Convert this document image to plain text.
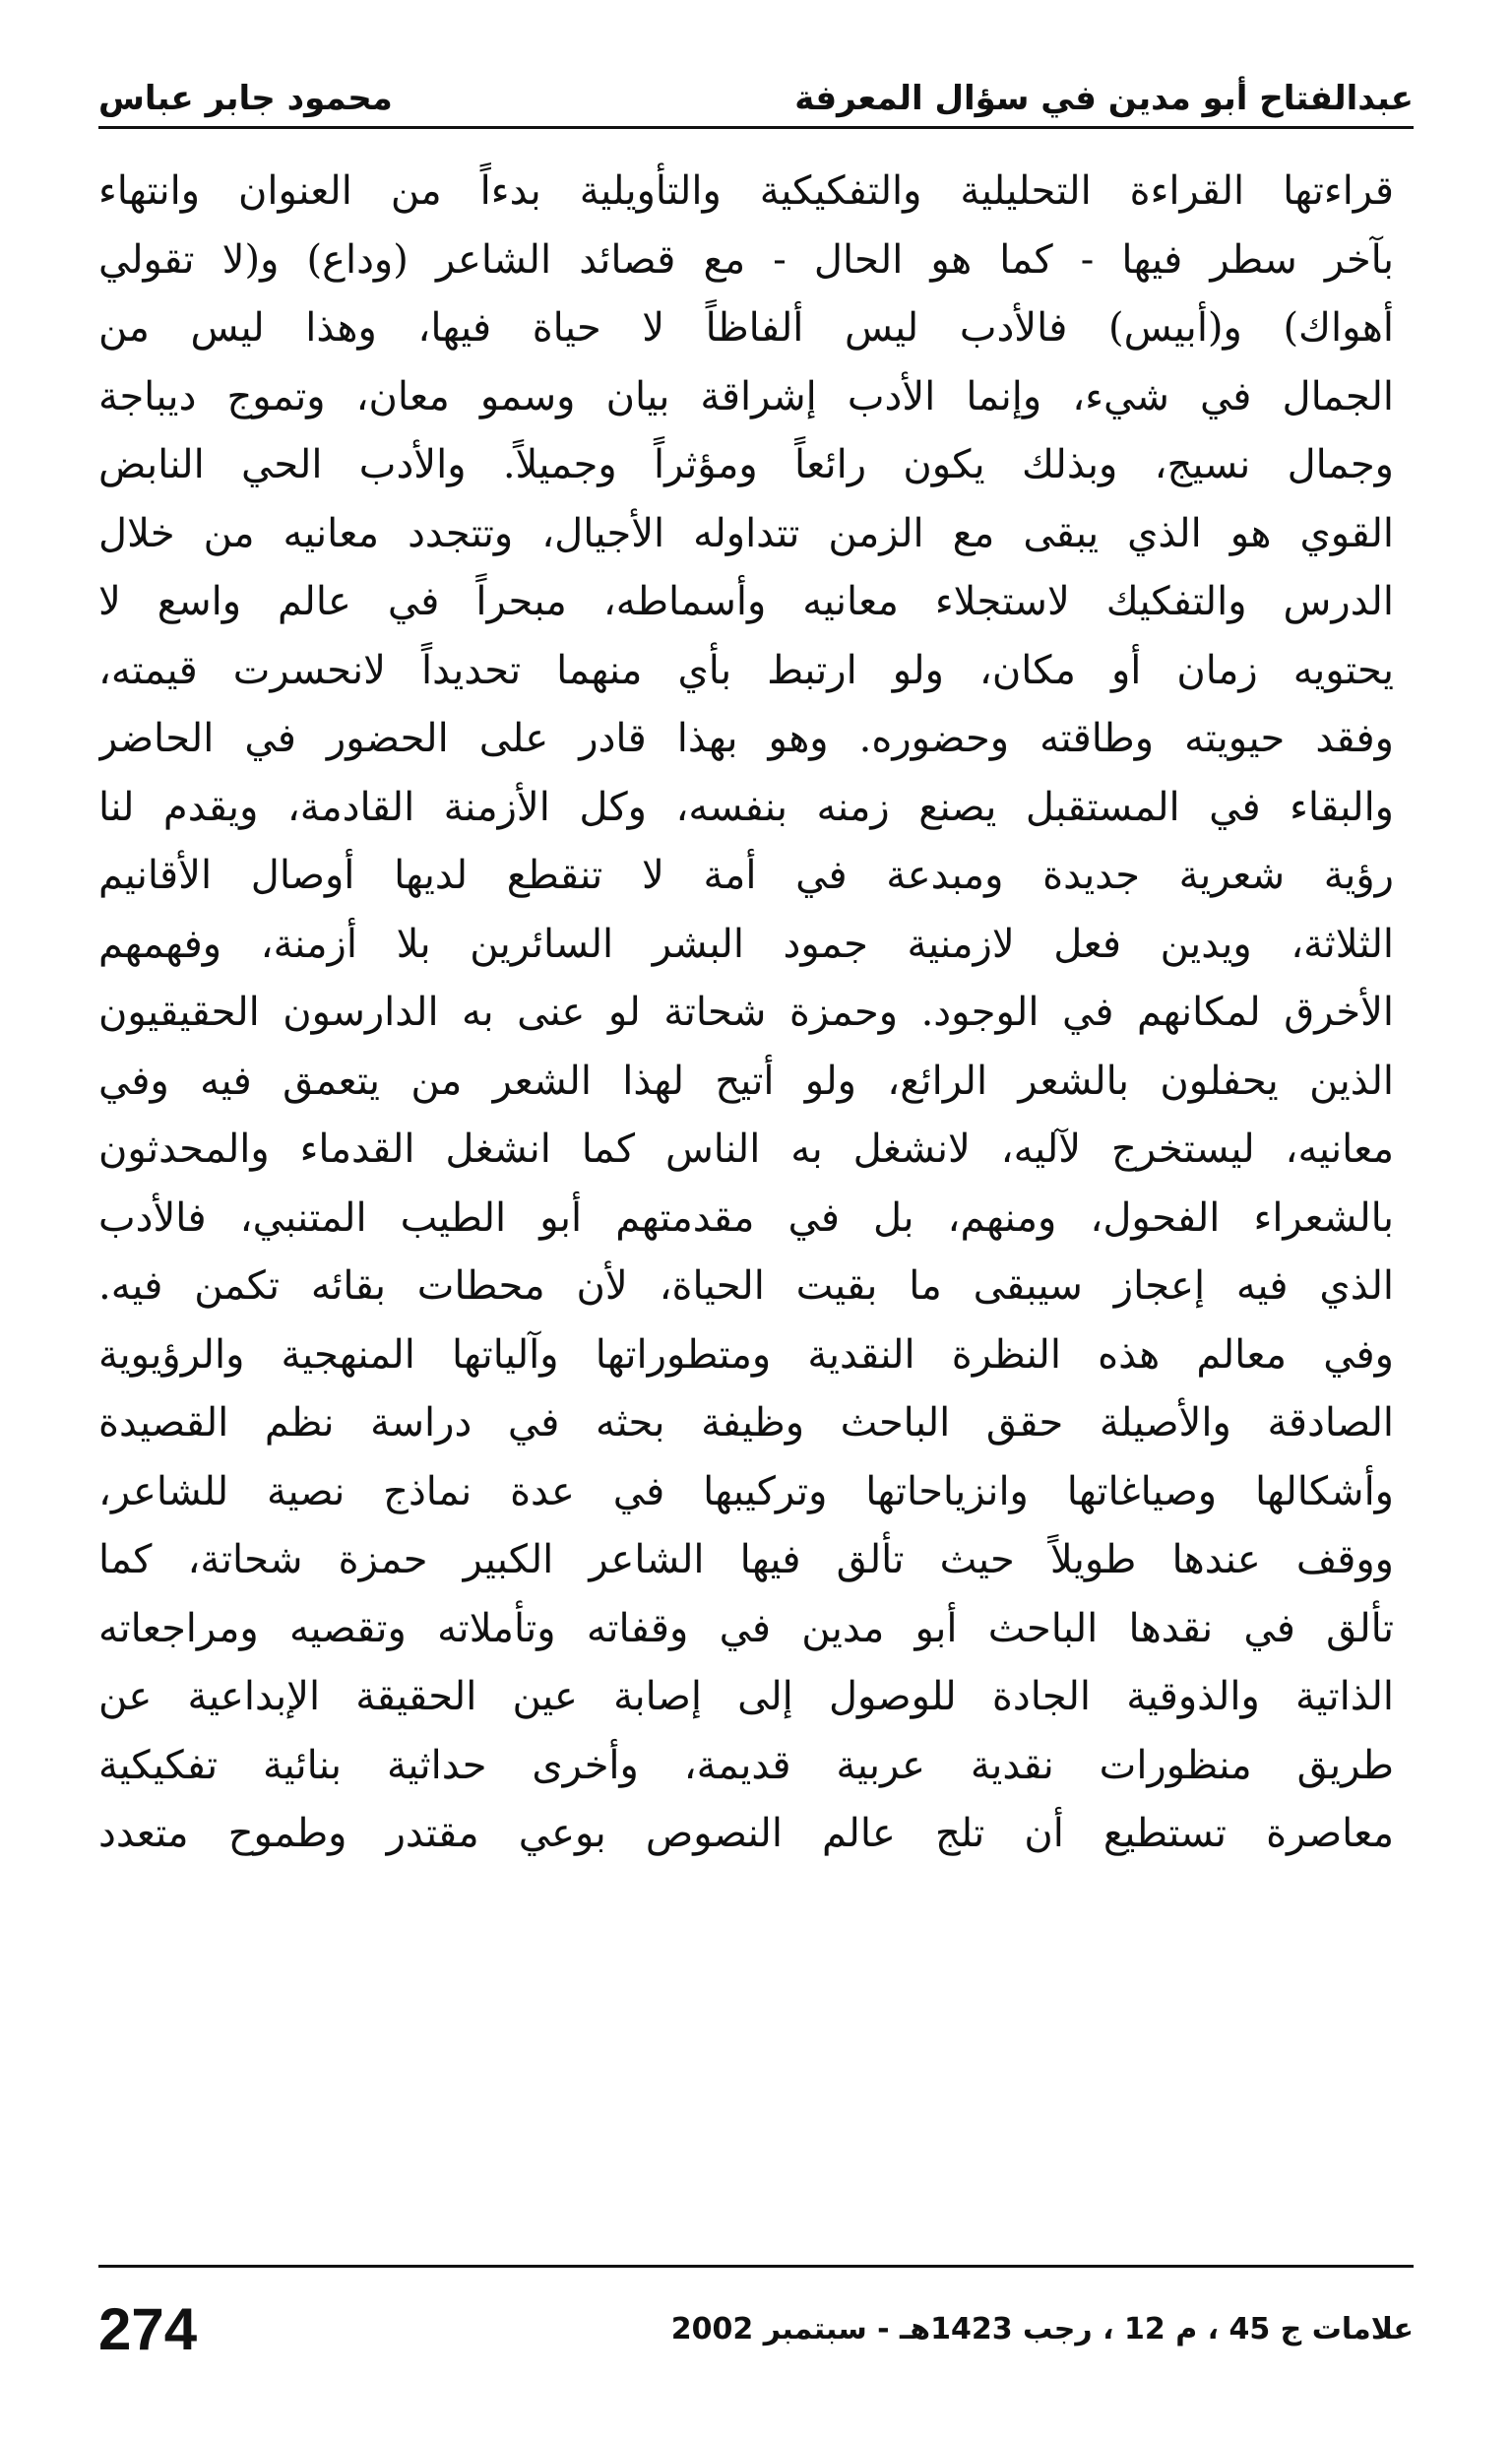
عبدالفتاح أبو مدين في سؤال المعرفة
محمود جابر عباس
قراءتها القراءة التحليلية والتفكيكية والتأويلية بدءاً من العنوان وانتهاء
بآخر سطر فيها - كما هو الحال - مع قصائد الشاعر (وداع) و(لا تقولي
أهواك) و(أبيس) فالأدب ليس ألفاظاً لا حياة فيها، وهذا ليس من
الجمال في شيء، وإنما الأدب إشراقة بيان وسمو معان، وتموج ديباجة
وجمال نسيج، وبذلك يكون رائعاً ومؤثراً وجميلاً. والأدب الحي النابض
القوي هو الذي يبقى مع الزمن تتداوله الأجيال، وتتجدد معانيه من خلال
الدرس والتفكيك لاستجلاء معانيه وأسماطه، مبحراً في عالم واسع لا
يحتويه زمان أو مكان، ولو ارتبط بأي منهما تحديداً لانحسرت قيمته،
وفقد حيويته وطاقته وحضوره. وهو بهذا قادر على الحضور في الحاضر
والبقاء في المستقبل يصنع زمنه بنفسه، وكل الأزمنة القادمة، ويقدم لنا
رؤية شعرية جديدة ومبدعة في أمة لا تنقطع لديها أوصال الأقانيم
الثلاثة، ويدين فعل لازمنية جمود البشر السائرين بلا أزمنة، وفهمهم
الأخرق لمكانهم في الوجود. وحمزة شحاتة لو عنى به الدارسون الحقيقيون
الذين يحفلون بالشعر الرائع، ولو أتيح لهذا الشعر من يتعمق فيه وفي
معانيه، ليستخرج لآليه، لانشغل به الناس كما انشغل القدماء والمحدثون
بالشعراء الفحول، ومنهم، بل في مقدمتهم أبو الطيب المتنبي، فالأدب
الذي فيه إعجاز سيبقى ما بقيت الحياة، لأن محطات بقائه تكمن فيه.
وفي معالم هذه النظرة النقدية ومتطوراتها وآلياتها المنهجية والرؤيوية
الصادقة والأصيلة حقق الباحث وظيفة بحثه في دراسة نظم القصيدة
وأشكالها وصياغاتها وانزياحاتها وتركيبها في عدة نماذج نصية للشاعر،
ووقف عندها طويلاً حيث تألق فيها الشاعر الكبير حمزة شحاتة، كما
تألق في نقدها الباحث أبو مدين في وقفاته وتأملاته وتقصيه ومراجعاته
الذاتية والذوقية الجادة للوصول إلى إصابة عين الحقيقة الإبداعية عن
طريق منظورات نقدية عربية قديمة، وأخرى حداثية بنائية تفكيكية
معاصرة تستطيع أن تلج عالم النصوص بوعي مقتدر وطموح متعدد
274	علامات ج 45 ، م 12 ، رجب 1423هـ - سبتمبر 2002
